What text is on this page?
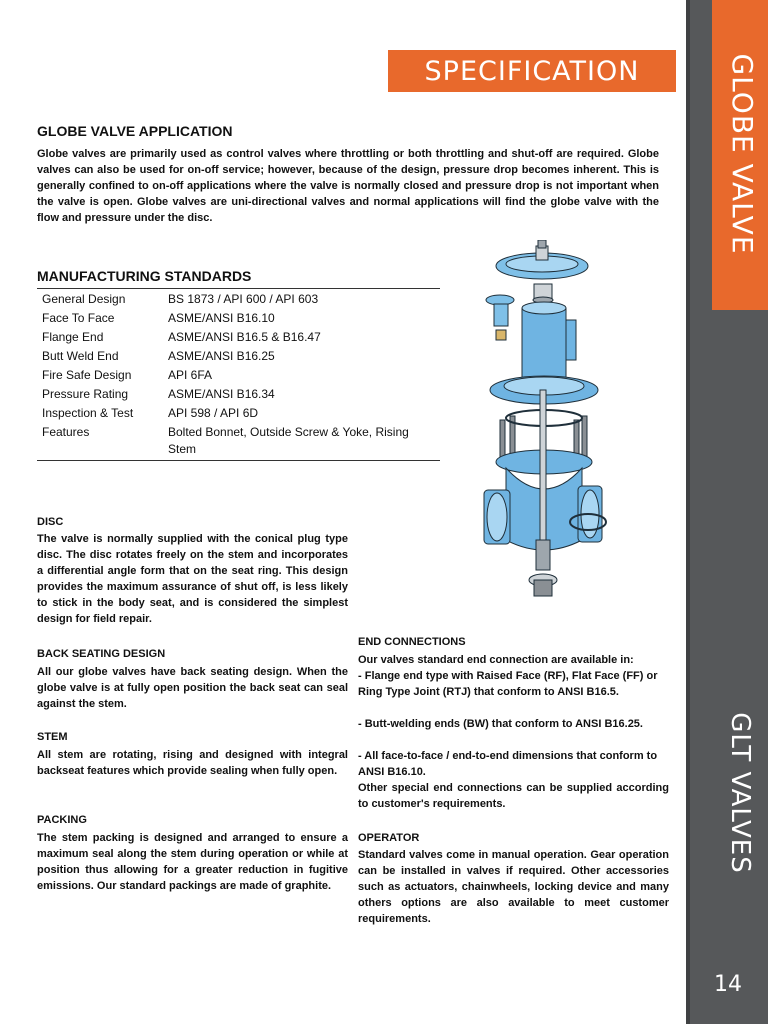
GLOBE VALVE
GLT VALVES
14
SPECIFICATION
GLOBE VALVE APPLICATION

Globe valves are primarily used as control valves where throttling or both throttling and shut-off are required. Globe valves can also be used for on-off service; however, because of the design, pressure drop becomes inherent. This is generally confined to on-off applications where the valve is normally closed and pressure drop is not important when the valve is open. Globe valves are uni-directional valves and normal applications will find the globe valve with the flow and pressure under the disc.

MANUFACTURING STANDARDS
General Design	BS 1873 / API 600 / API 603
Face To Face	ASME/ANSI B16.10
Flange End	ASME/ANSI B16.5 & B16.47
Butt Weld End	ASME/ANSI B16.25
Fire Safe Design	API 6FA
Pressure Rating	ASME/ANSI B16.34
Inspection & Test	API 598 / API 6D
Features	Bolted Bonnet, Outside Screw & Yoke, Rising Stem
DISC

The valve is normally supplied with the conical plug type disc. The disc rotates freely on the stem and incorporates a differential angle form that on the seat ring. This design provides the maximum assurance of shut off, is less likely to stick in the body seat, and is considered the simplest design for field repair.

BACK SEATING DESIGN

All our globe valves have back seating design. When the globe valve is at fully open position the back seat can seal against the stem.

STEM

All stem are rotating, rising and designed with integral backseat features which provide sealing when fully open.

PACKING

The stem packing is designed and arranged to ensure a maximum seal along the stem during operation or while at position thus allowing for a greater reduction in fugitive emissions. Our standard packings are made of graphite.

END CONNECTIONS

Our valves standard end connection are available in:

- Flange end type with Raised Face (RF), Flat Face (FF) or Ring Type Joint (RTJ) that conform to ANSI B16.5.

- Butt-welding ends (BW) that conform to ANSI B16.25.

- All face-to-face / end-to-end dimensions that conform to ANSI B16.10.

Other special end connections can be supplied according to customer's requirements.

OPERATOR

Standard valves come in manual operation. Gear operation can be installed in valves if required. Other accessories such as actuators, chainwheels, locking device and many others options are also available to meet customer requirements.
